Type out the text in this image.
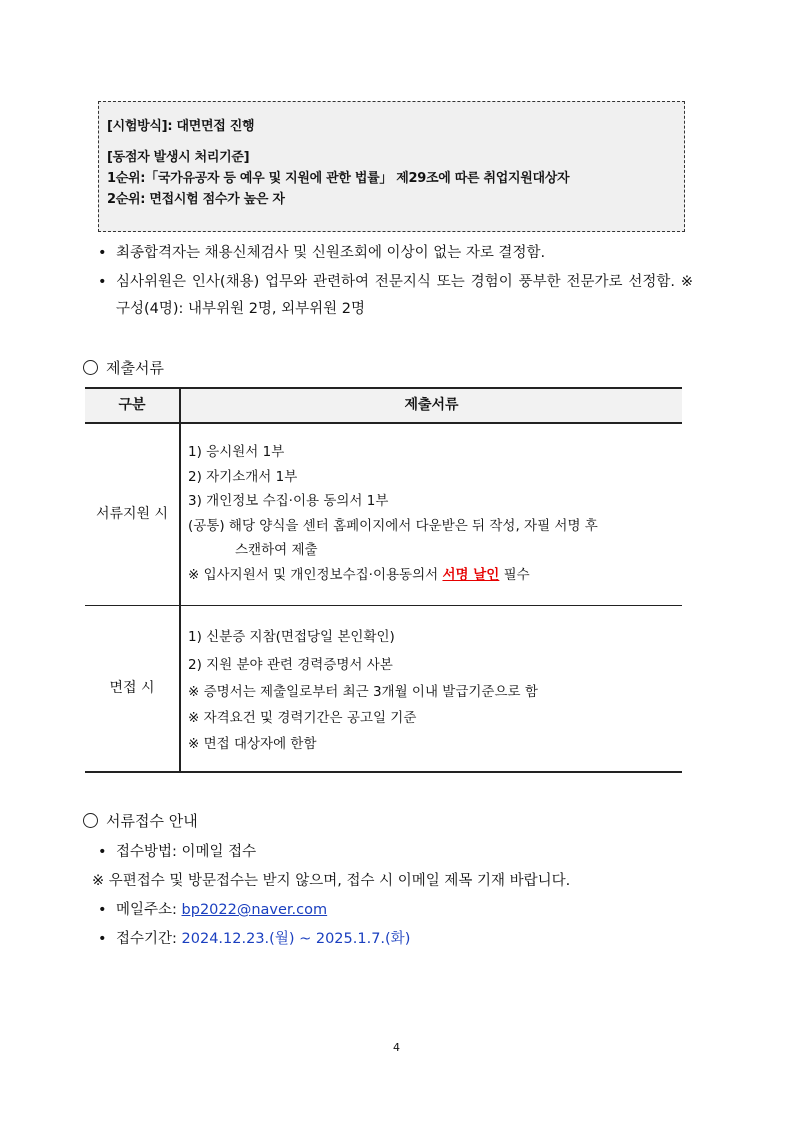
[시험방식]: 대면면접 진행
[동점자 발생시 처리기준]
1순위:「국가유공자 등 예우 및 지원에 관한 법률」 제29조에 따른 취업지원대상자
2순위: 면접시험 점수가 높은 자
• 최종합격자는 채용신체검사 및 신원조회에 이상이 없는 자로 결정함.
• 심사위원은 인사(채용) 업무와 관련하여 전문지식 또는 경험이 풍부한 전문가로 선정함. ※ 구성(4명): 내부위원 2명, 외부위원 2명
제출서류
구분	제출서류
서류지원 시
1) 응시원서 1부
2) 자기소개서 1부
3) 개인정보 수집·이용 동의서 1부
(공통) 해당 양식을 센터 홈페이지에서 다운받은 뒤 작성, 자필 서명 후
스캔하여 제출
※ 입사지원서 및 개인정보수집·이용동의서 서명 날인 필수
면접 시
1) 신분증 지참(면접당일 본인확인)
2) 지원 분야 관련 경력증명서 사본
※ 증명서는 제출일로부터 최근 3개월 이내 발급기준으로 함
※ 자격요건 및 경력기간은 공고일 기준
※ 면접 대상자에 한함
서류접수 안내
• 접수방법: 이메일 접수
※ 우편접수 및 방문접수는 받지 않으며, 접수 시 이메일 제목 기재 바랍니다.
• 메일주소: bp2022@naver.com
• 접수기간: 2024.12.23.(월) ~ 2025.1.7.(화)
4
